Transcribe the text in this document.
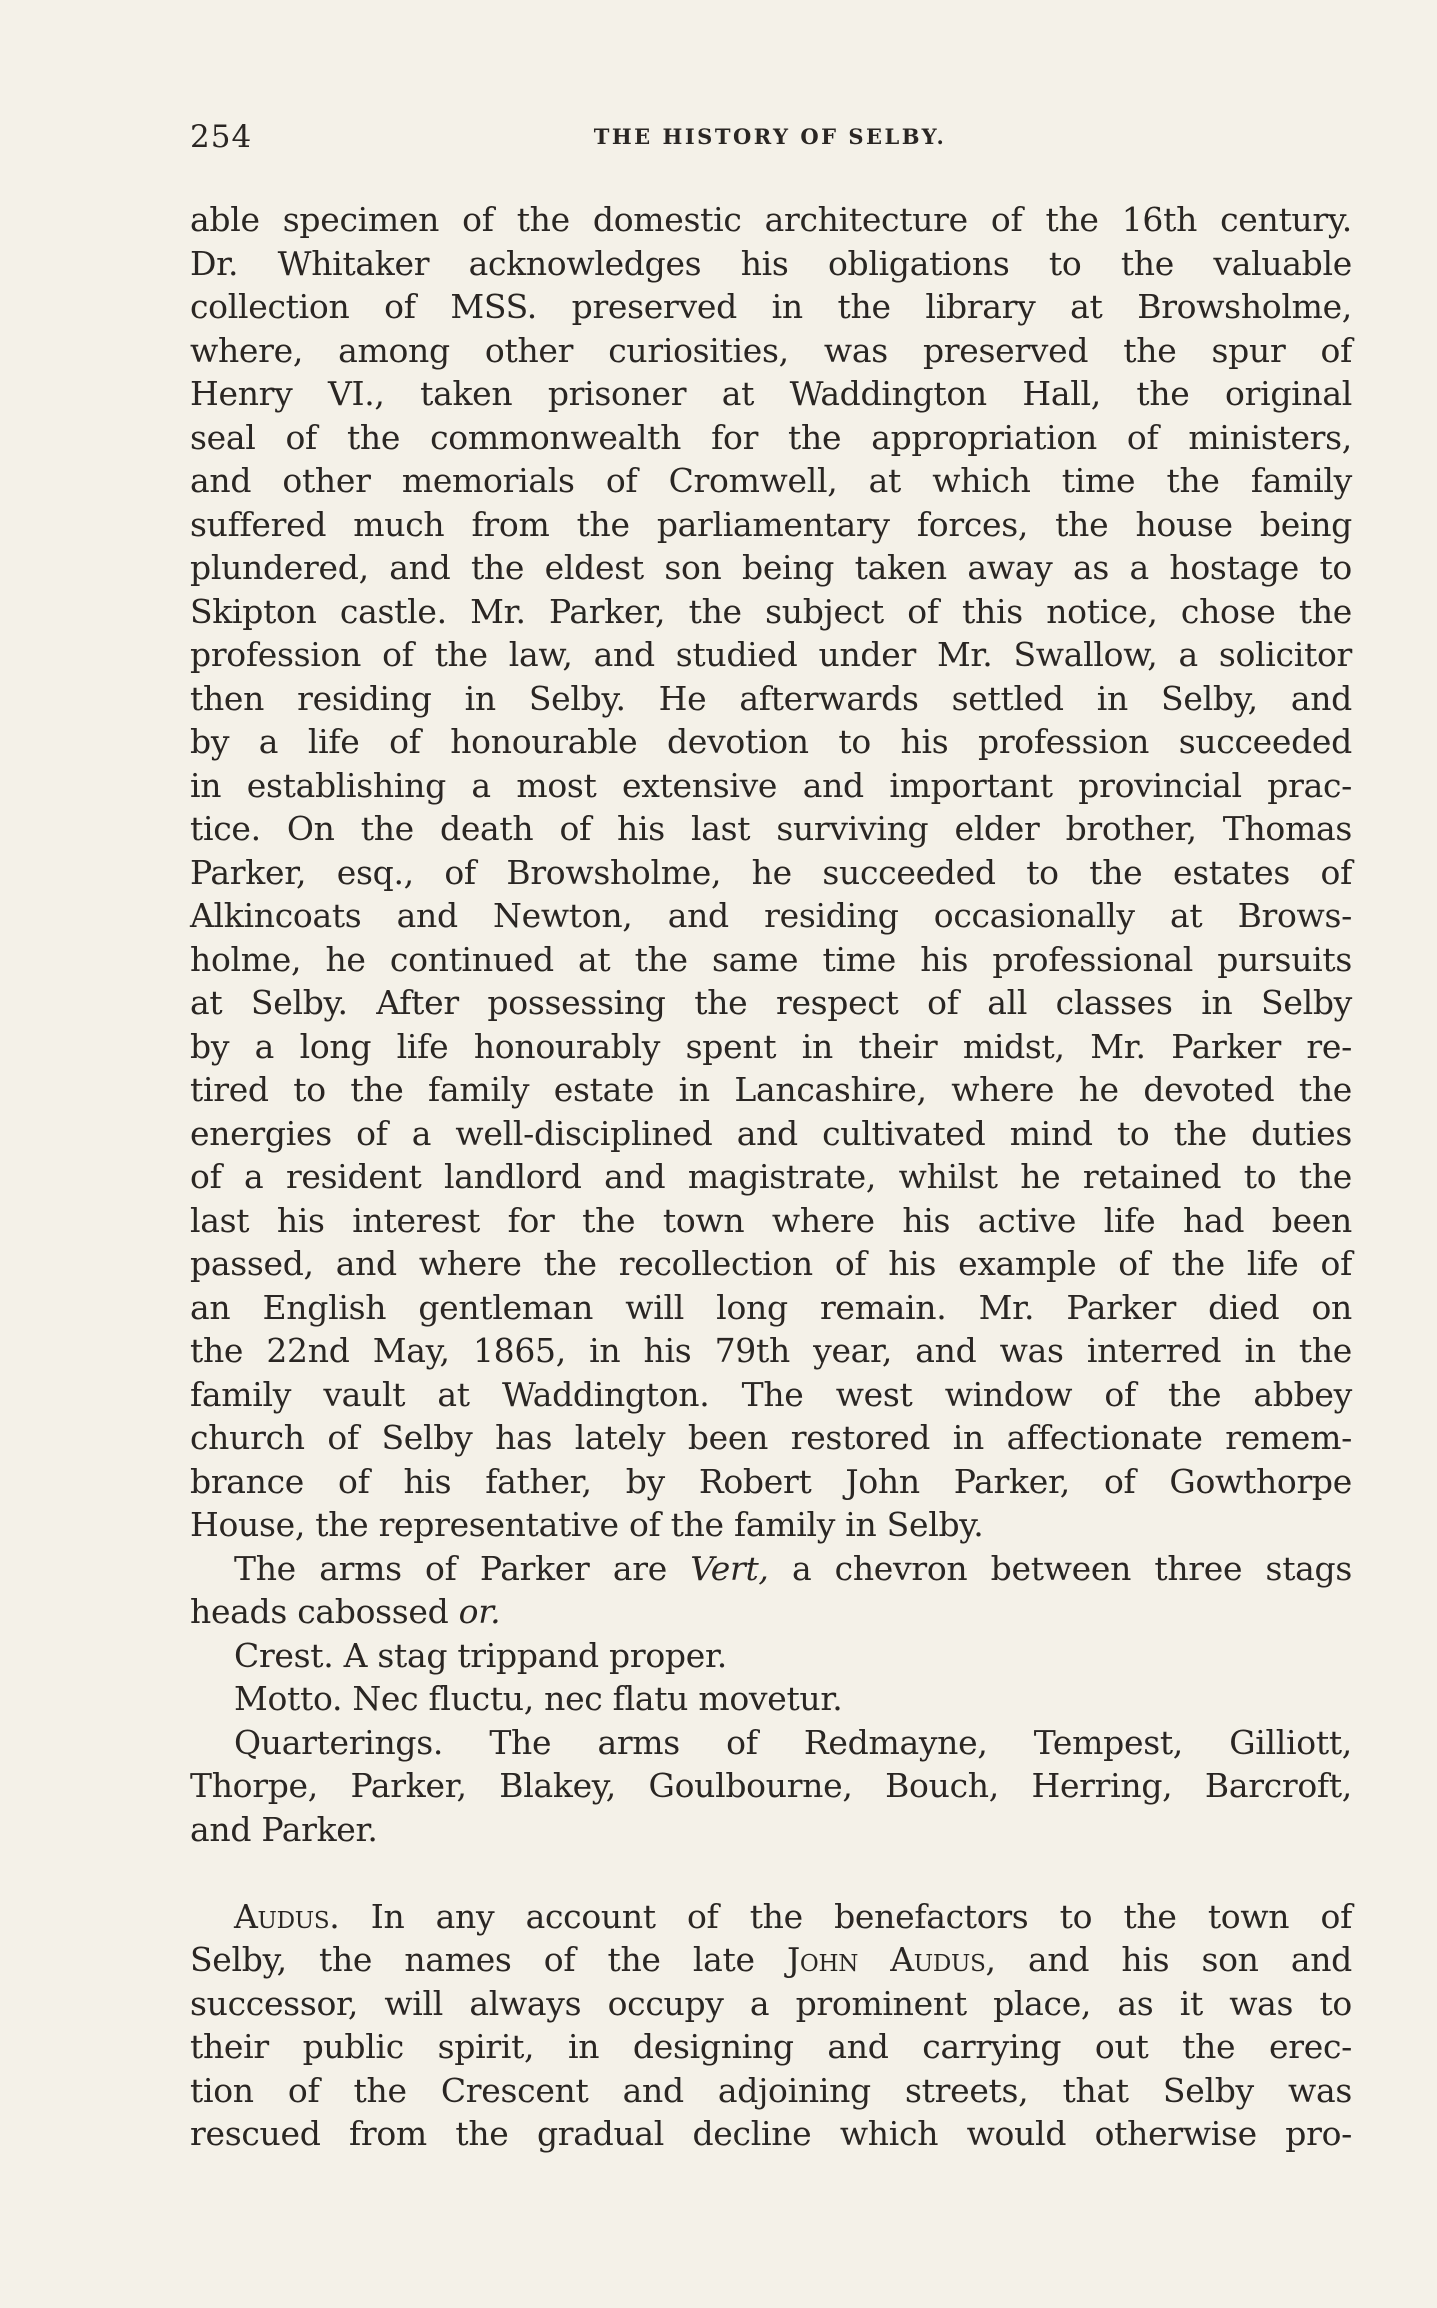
254	THE HISTORY OF SELBY.
able specimen of the domestic architecture of the 16th century.
Dr. Whitaker acknowledges his obligations to the valuable
collection of MSS. preserved in the library at Browsholme,
where, among other curiosities, was preserved the spur of
Henry VI., taken prisoner at Waddington Hall, the original
seal of the commonwealth for the appropriation of ministers,
and other memorials of Cromwell, at which time the family
suffered much from the parliamentary forces, the house being
plundered, and the eldest son being taken away as a hostage to
Skipton castle. Mr. Parker, the subject of this notice, chose the
profession of the law, and studied under Mr. Swallow, a solicitor
then residing in Selby. He afterwards settled in Selby, and
by a life of honourable devotion to his profession succeeded
in establishing a most extensive and important provincial prac-
tice. On the death of his last surviving elder brother, Thomas
Parker, esq., of Browsholme, he succeeded to the estates of
Alkincoats and Newton, and residing occasionally at Brows-
holme, he continued at the same time his professional pursuits
at Selby. After possessing the respect of all classes in Selby
by a long life honourably spent in their midst, Mr. Parker re-
tired to the family estate in Lancashire, where he devoted the
energies of a well-disciplined and cultivated mind to the duties
of a resident landlord and magistrate, whilst he retained to the
last his interest for the town where his active life had been
passed, and where the recollection of his example of the life of
an English gentleman will long remain. Mr. Parker died on
the 22nd May, 1865, in his 79th year, and was interred in the
family vault at Waddington. The west window of the abbey
church of Selby has lately been restored in affectionate remem-
brance of his father, by Robert John Parker, of Gowthorpe
House, the representative of the family in Selby.
The arms of Parker are Vert, a chevron between three stags
heads cabossed or.
Crest. A stag trippand proper.
Motto. Nec fluctu, nec flatu movetur.
Quarterings. The arms of Redmayne, Tempest, Gilliott,
Thorpe, Parker, Blakey, Goulbourne, Bouch, Herring, Barcroft,
and Parker.
Audus. In any account of the benefactors to the town of
Selby, the names of the late John Audus, and his son and
successor, will always occupy a prominent place, as it was to
their public spirit, in designing and carrying out the erec-
tion of the Crescent and adjoining streets, that Selby was
rescued from the gradual decline which would otherwise pro-
